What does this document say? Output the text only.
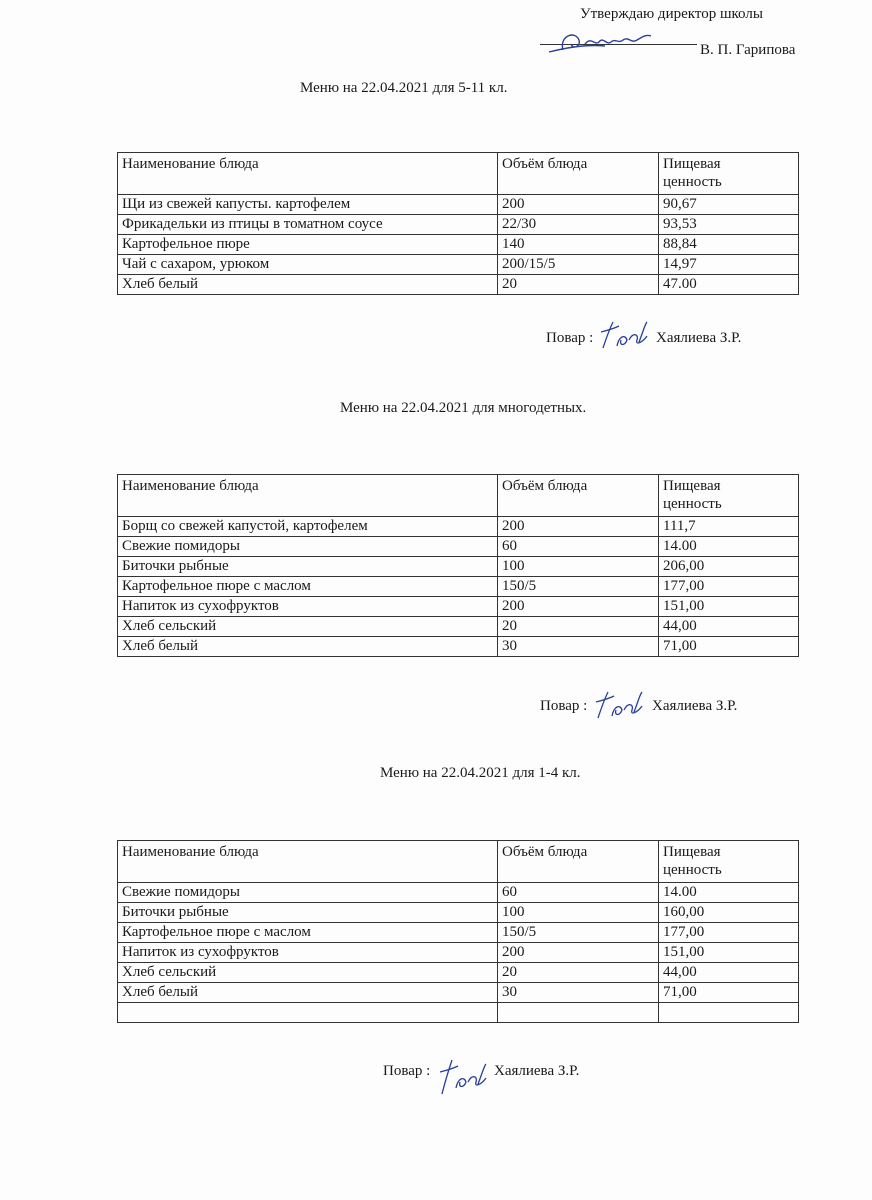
Утверждаю директор школы
В. П. Гарипова
Меню на 22.04.2021 для 5-11 кл.
Наименование блюда	Объём блюда	Пищевая
ценность
Щи из свежей капусты. картофелем	200	90,67
Фрикадельки из птицы в томатном соусе	22/30	93,53
Картофельное пюре	140	88,84
Чай с сахаром, урюком	200/15/5	14,97
Хлеб белый	20	47.00
Повар :	Хаялиева З.Р.
Меню на 22.04.2021 для многодетных.
Наименование блюда	Объём блюда	Пищевая
ценность
Борщ со свежей капустой, картофелем	200	111,7
Свежие помидоры	60	14.00
Биточки рыбные	100	206,00
Картофельное пюре с маслом	150/5	177,00
Напиток из сухофруктов	200	151,00
Хлеб сельский	20	44,00
Хлеб белый	30	71,00
Повар :	Хаялиева З.Р.
Меню на 22.04.2021 для 1-4 кл.
Наименование блюда	Объём блюда	Пищевая
ценность
Свежие помидоры	60	14.00
Биточки рыбные	100	160,00
Картофельное пюре с маслом	150/5	177,00
Напиток из сухофруктов	200	151,00
Хлеб сельский	20	44,00
Хлеб белый	30	71,00

Повар :	Хаялиева З.Р.
